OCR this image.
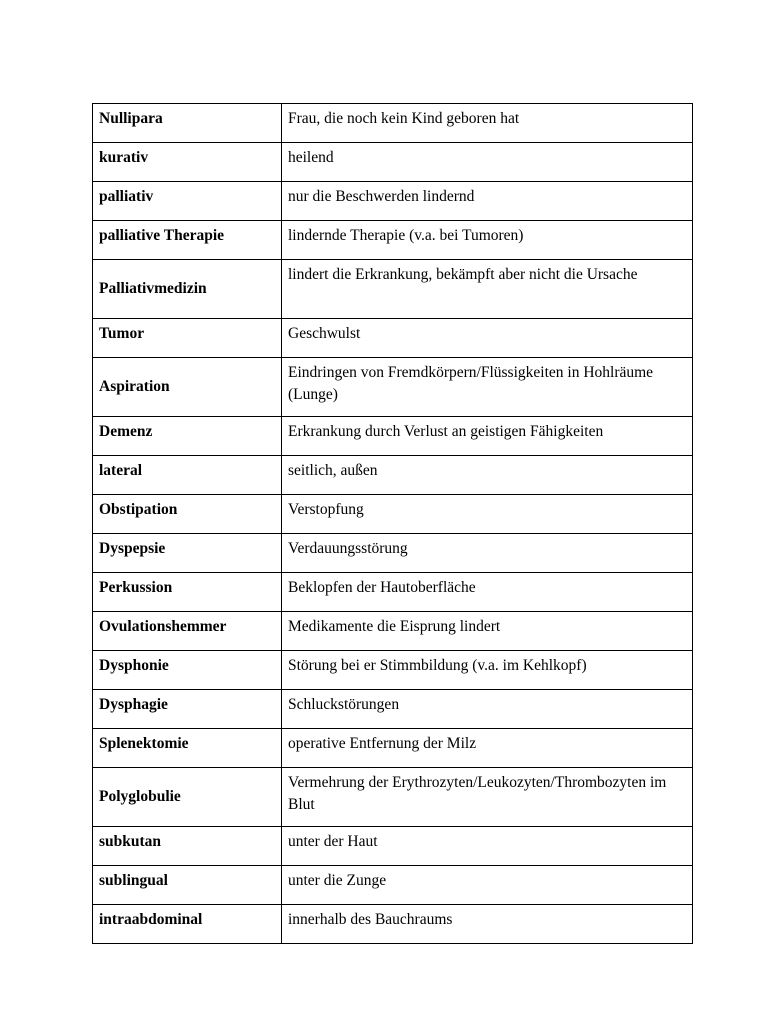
Nullipara	Frau, die noch kein Kind geboren hat
kurativ	heilend
palliativ	nur die Beschwerden lindernd
palliative Therapie	lindernde Therapie (v.a. bei Tumoren)
Palliativmedizin	lindert die Erkrankung, bekämpft aber nicht die Ursache
Tumor	Geschwulst
Aspiration	Eindringen von Fremdkörpern/Flüssigkeiten in Hohlräume (Lunge)
Demenz	Erkrankung durch Verlust an geistigen Fähigkeiten
lateral	seitlich, außen
Obstipation	Verstopfung
Dyspepsie	Verdauungsstörung
Perkussion	Beklopfen der Hautoberfläche
Ovulationshemmer	Medikamente die Eisprung lindert
Dysphonie	Störung bei er Stimmbildung (v.a. im Kehlkopf)
Dysphagie	Schluckstörungen
Splenektomie	operative Entfernung der Milz
Polyglobulie	Vermehrung der Erythrozyten/Leukozyten/Thrombozyten im Blut
subkutan	unter der Haut
sublingual	unter die Zunge
intraabdominal	innerhalb des Bauchraums
